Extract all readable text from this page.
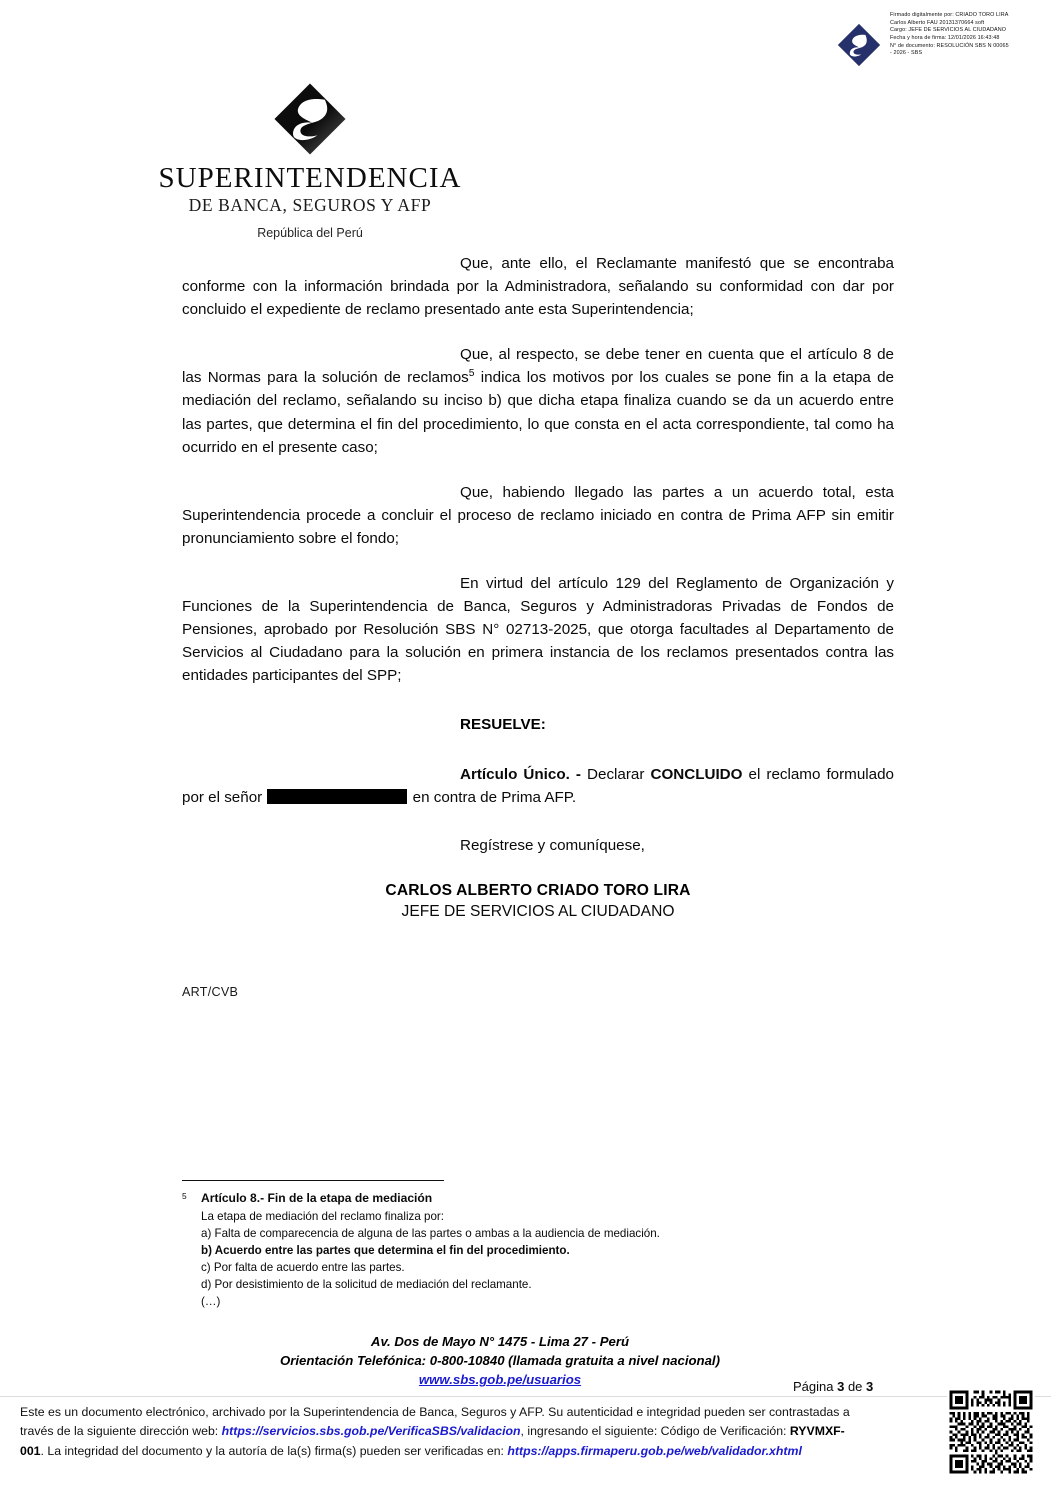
Firmado digitalmente por: CRIADO TORO LIRA
Carlos Alberto FAU 20131370664 soft
Cargo: JEFE DE SERVICIOS AL CIUDADANO
Fecha y hora de firma: 12/01/2026 16:43:48
N° de documento: RESOLUCIÓN SBS N 00065
- 2026 - SBS
SUPERINTENDENCIA
DE BANCA, SEGUROS Y AFP
República del Perú

Que, ante ello, el Reclamante manifestó que se encontraba conforme con la información brindada por la Administradora, señalando su conformidad con dar por concluido el expediente de reclamo presentado ante esta Superintendencia;

Que, al respecto, se debe tener en cuenta que el artículo 8 de las Normas para la solución de reclamos$^5$ indica los motivos por los cuales se pone fin a la etapa de mediación del reclamo, señalando su inciso b) que dicha etapa finaliza cuando se da un acuerdo entre las partes, que determina el fin del procedimiento, lo que consta en el acta correspondiente, tal como ha ocurrido en el presente caso;

Que, habiendo llegado las partes a un acuerdo total, esta Superintendencia procede a concluir el proceso de reclamo iniciado en contra de Prima AFP sin emitir pronunciamiento sobre el fondo;

En virtud del artículo 129 del Reglamento de Organización y Funciones de la Superintendencia de Banca, Seguros y Administradoras Privadas de Fondos de Pensiones, aprobado por Resolución SBS N° 02713-2025, que otorga facultades al Departamento de Servicios al Ciudadano para la solución en primera instancia de los reclamos presentados contra las entidades participantes del SPP;

RESUELVE:
Artículo Único. - Declarar CONCLUIDO el reclamo formulado por el señor	en contra de Prima AFP.
Regístrese y comuníquese,
CARLOS ALBERTO CRIADO TORO LIRA
JEFE DE SERVICIOS AL CIUDADANO
ART/CVB
5 Artículo 8.- Fin de la etapa de mediación
La etapa de mediación del reclamo finaliza por:
a) Falta de comparecencia de alguna de las partes o ambas a la audiencia de mediación.
b) Acuerdo entre las partes que determina el fin del procedimiento.
c) Por falta de acuerdo entre las partes.
d) Por desistimiento de la solicitud de mediación del reclamante.
(…)
Av. Dos de Mayo N° 1475 - Lima 27 - Perú
Orientación Telefónica: 0-800-10840 (llamada gratuita a nivel nacional)
www.sbs.gob.pe/usuarios	Página 3 de 3
Este es un documento electrónico, archivado por la Superintendencia de Banca, Seguros y AFP. Su autenticidad e integridad pueden ser contrastadas a través de la siguiente dirección web: https://servicios.sbs.gob.pe/VerificaSBS/validacion, ingresando el siguiente: Código de Verificación: RYVMXF-001. La integridad del documento y la autoría de la(s) firma(s) pueden ser verificadas en: https://apps.firmaperu.gob.pe/web/validador.xhtml
